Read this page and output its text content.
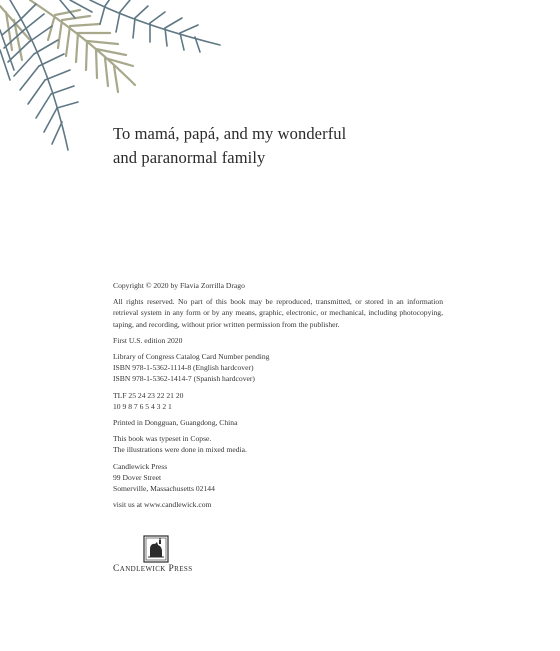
To mamá, papá, and my wonderful
and paranormal family

Copyright © 2020 by Flavia Zorrilla Drago

All rights reserved. No part of this book may be reproduced, transmitted, or stored in an information retrieval system in any form or by any means, graphic, electronic, or mechanical, including photocopying, taping, and recording, without prior written permission from the publisher.

First U.S. edition 2020

Library of Congress Catalog Card Number pending
ISBN 978-1-5362-1114-8 (English hardcover)
ISBN 978-1-5362-1414-7 (Spanish hardcover)

TLF 25 24 23 22 21 20
10 9 8 7 6 5 4 3 2 1

Printed in Dongguan, Guangdong, China

This book was typeset in Copse.
The illustrations were done in mixed media.

Candlewick Press
99 Dover Street
Somerville, Massachusetts 02144

visit us at www.candlewick.com

Candlewick Press
